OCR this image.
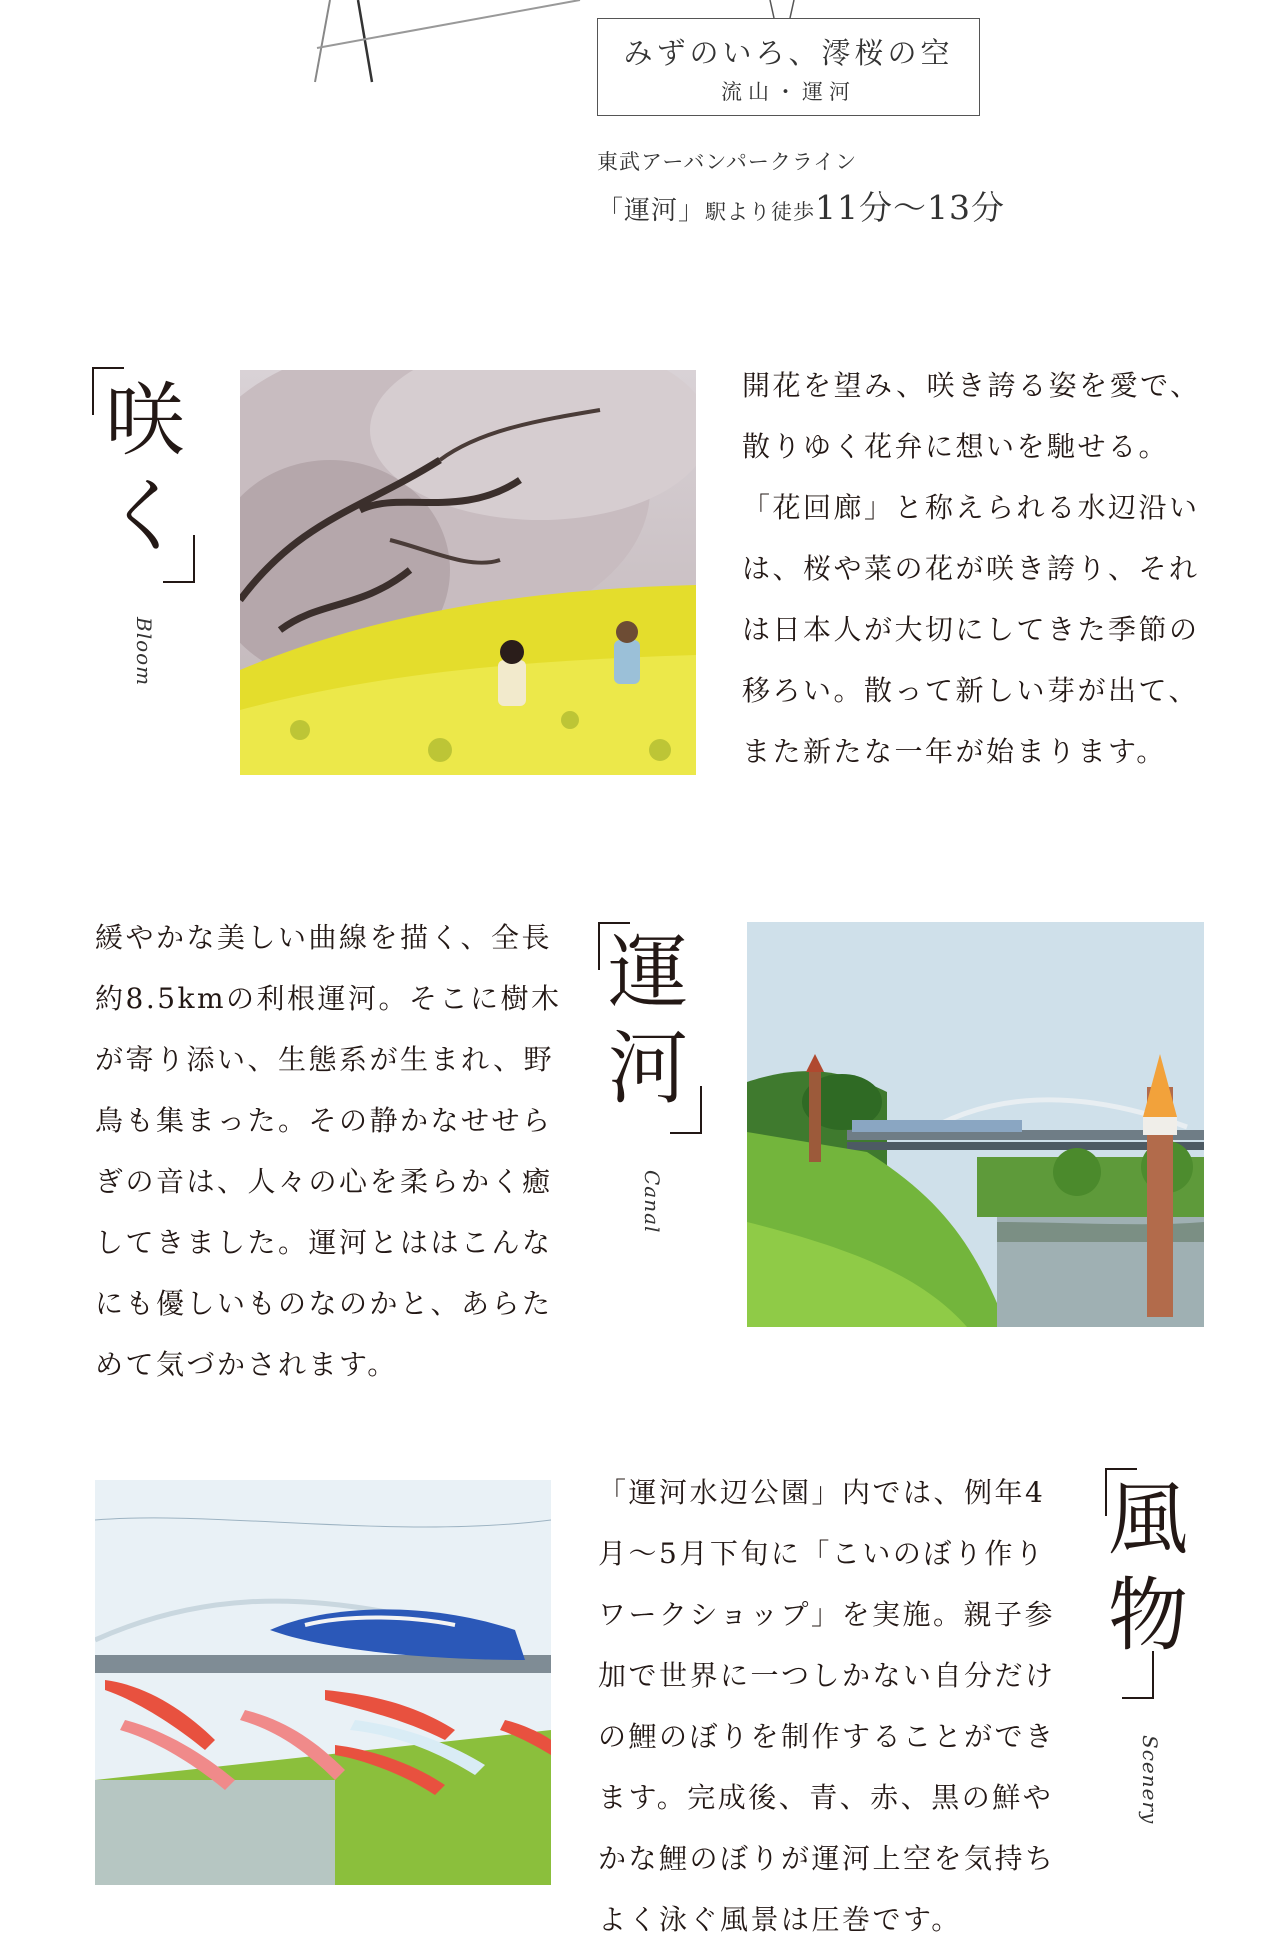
みずのいろ、澪桜の空
流山・運河
東武アーバンパークライン
「運河」駅より徒歩11分〜13分
咲く
Bloom
開花を望み、咲き誇る姿を愛で、散りゆく花弁に想いを馳せる。「花回廊」と称えられる水辺沿いは、桜や菜の花が咲き誇り、それは日本人が大切にしてきた季節の移ろい。散って新しい芽が出て、また新たな一年が始まります。
緩やかな美しい曲線を描く、全長約8.5kmの利根運河。そこに樹木が寄り添い、生態系が生まれ、野鳥も集まった。その静かなせせらぎの音は、人々の心を柔らかく癒してきました。運河とははこんなにも優しいものなのかと、あらためて気づかされます。
運河
Canal
「運河水辺公園」内では、例年4月〜5月下旬に「こいのぼり作りワークショップ」を実施。親子参加で世界に一つしかない自分だけの鯉のぼりを制作することができます。完成後、青、赤、黒の鮮やかな鯉のぼりが運河上空を気持ちよく泳ぐ風景は圧巻です。
風物
Scenery
